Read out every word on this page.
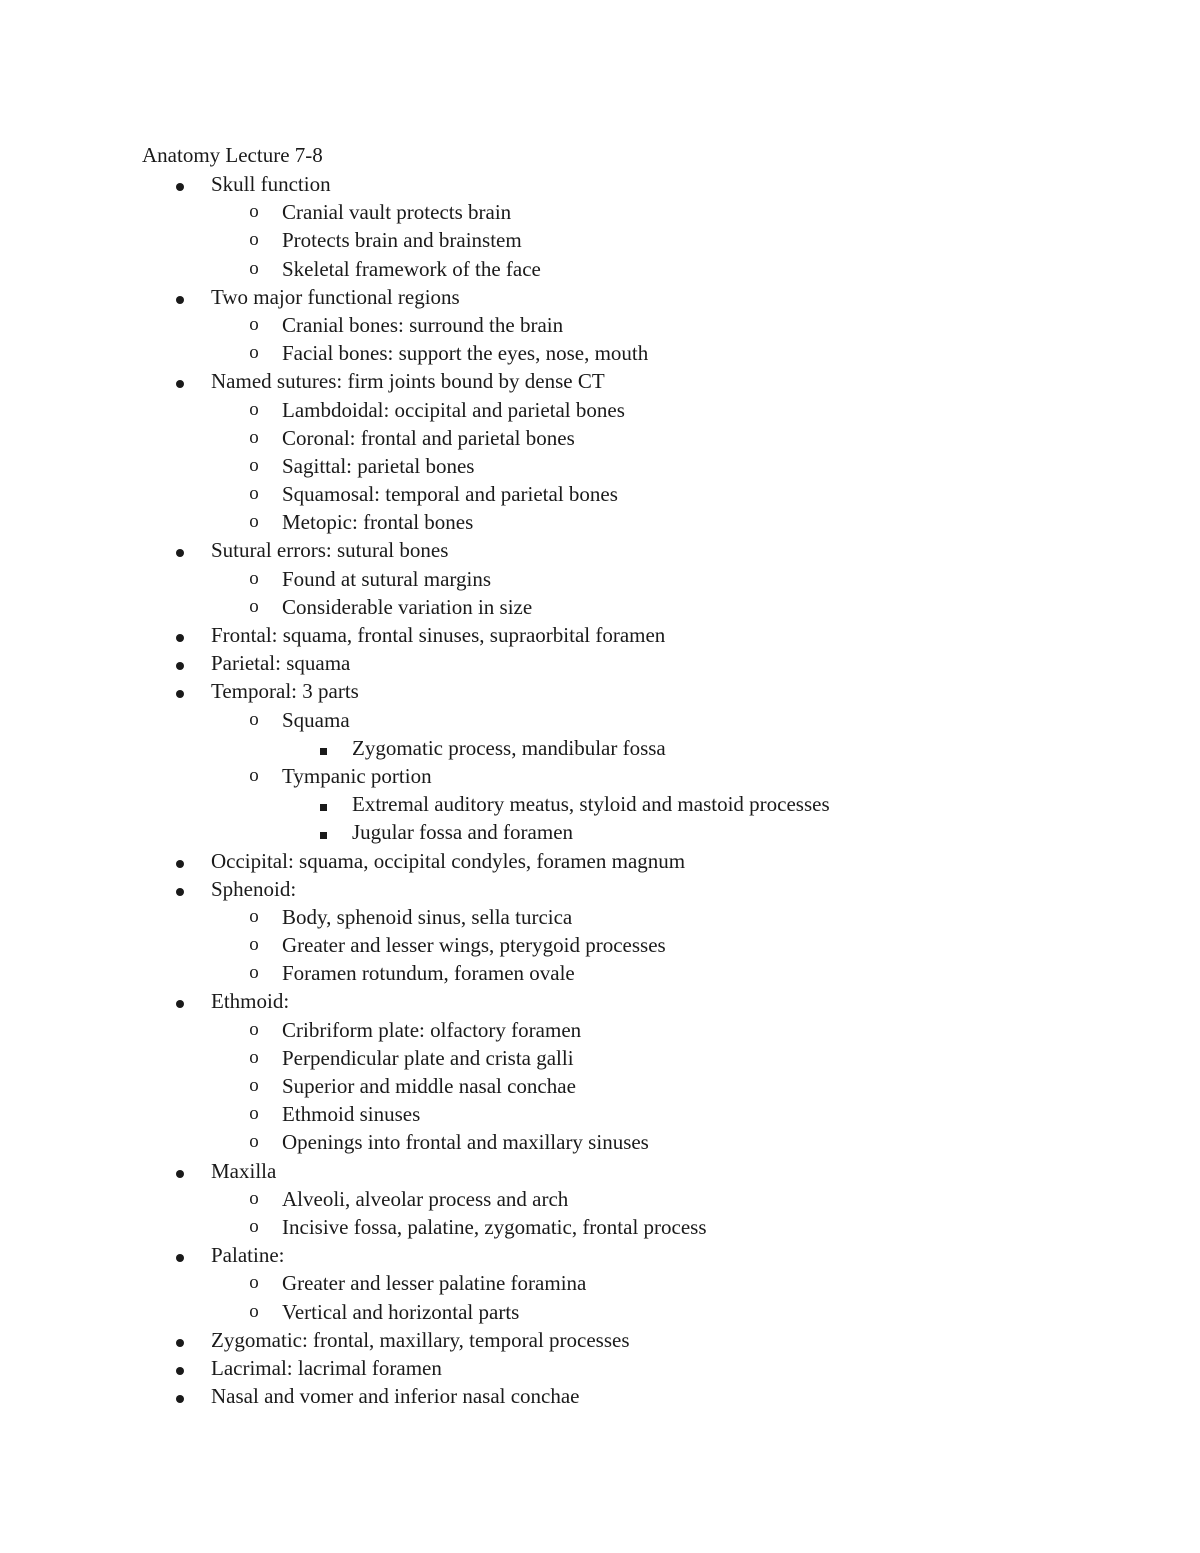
Anatomy Lecture 7-8
Skull function
o Cranial vault protects brain
o Protects brain and brainstem
o Skeletal framework of the face
Two major functional regions
o Cranial bones: surround the brain
o Facial bones: support the eyes, nose, mouth
Named sutures: firm joints bound by dense CT
o Lambdoidal: occipital and parietal bones
o Coronal: frontal and parietal bones
o Sagittal: parietal bones
o Squamosal: temporal and parietal bones
o Metopic: frontal bones
Sutural errors: sutural bones
o Found at sutural margins
o Considerable variation in size
Frontal: squama, frontal sinuses, supraorbital foramen
Parietal: squama
Temporal: 3 parts
o Squama
Zygomatic process, mandibular fossa
o Tympanic portion
Extremal auditory meatus, styloid and mastoid processes
Jugular fossa and foramen
Occipital: squama, occipital condyles, foramen magnum
Sphenoid:
o Body, sphenoid sinus, sella turcica
o Greater and lesser wings, pterygoid processes
o Foramen rotundum, foramen ovale
Ethmoid:
o Cribriform plate: olfactory foramen
o Perpendicular plate and crista galli
o Superior and middle nasal conchae
o Ethmoid sinuses
o Openings into frontal and maxillary sinuses
Maxilla
o Alveoli, alveolar process and arch
o Incisive fossa, palatine, zygomatic, frontal process
Palatine:
o Greater and lesser palatine foramina
o Vertical and horizontal parts
Zygomatic: frontal, maxillary, temporal processes
Lacrimal: lacrimal foramen
Nasal and vomer and inferior nasal conchae
